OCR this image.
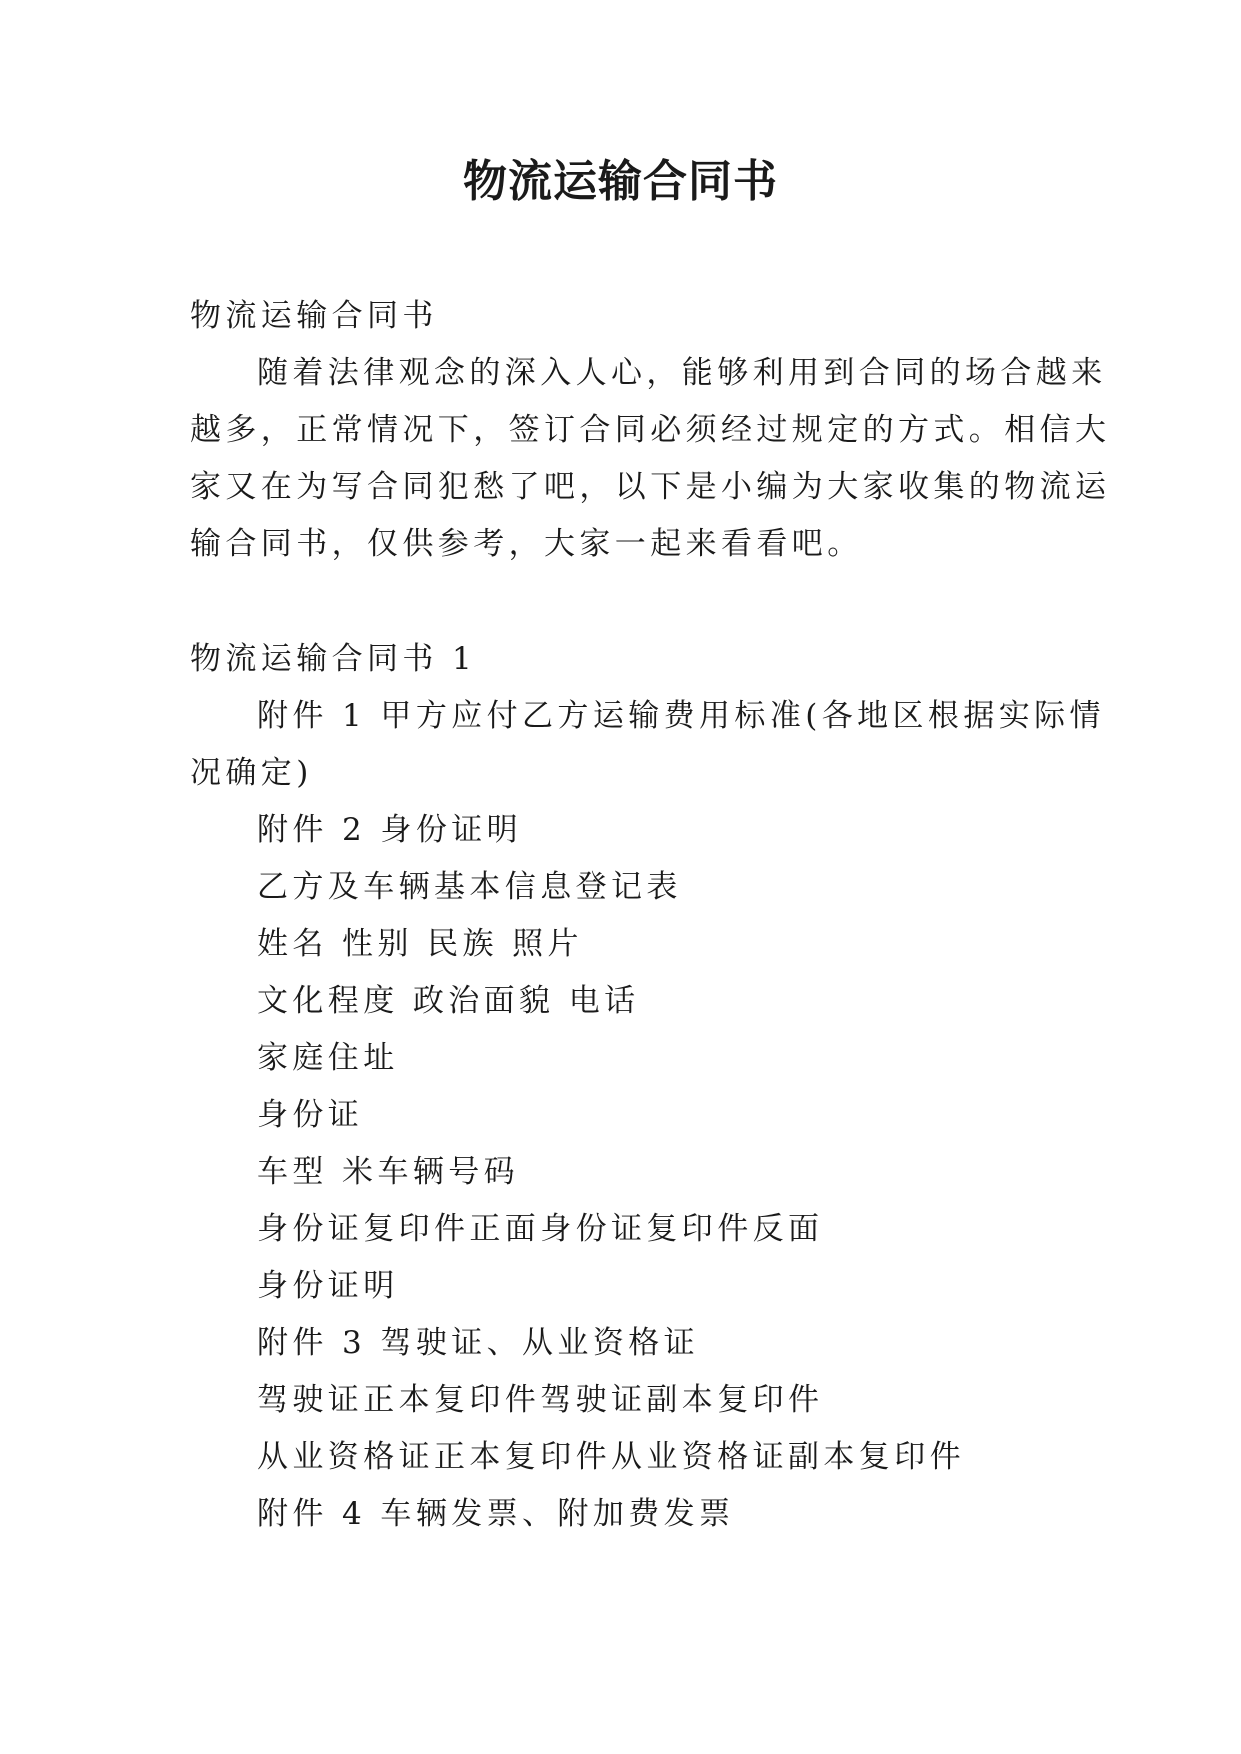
物流运输合同书

物流运输合同书

随着法律观念的深入人心，能够利用到合同的场合越来

越多，正常情况下，签订合同必须经过规定的方式。相信大

家又在为写合同犯愁了吧，以下是小编为大家收集的物流运

输合同书，仅供参考，大家一起来看看吧。

物流运输合同书 1

附件 1 甲方应付乙方运输费用标准(各地区根据实际情

况确定)

附件 2 身份证明

乙方及车辆基本信息登记表

姓名 性别 民族 照片

文化程度 政治面貌 电话

家庭住址

身份证

车型 米车辆号码

身份证复印件正面身份证复印件反面

身份证明

附件 3 驾驶证、从业资格证

驾驶证正本复印件驾驶证副本复印件

从业资格证正本复印件从业资格证副本复印件

附件 4 车辆发票、附加费发票
